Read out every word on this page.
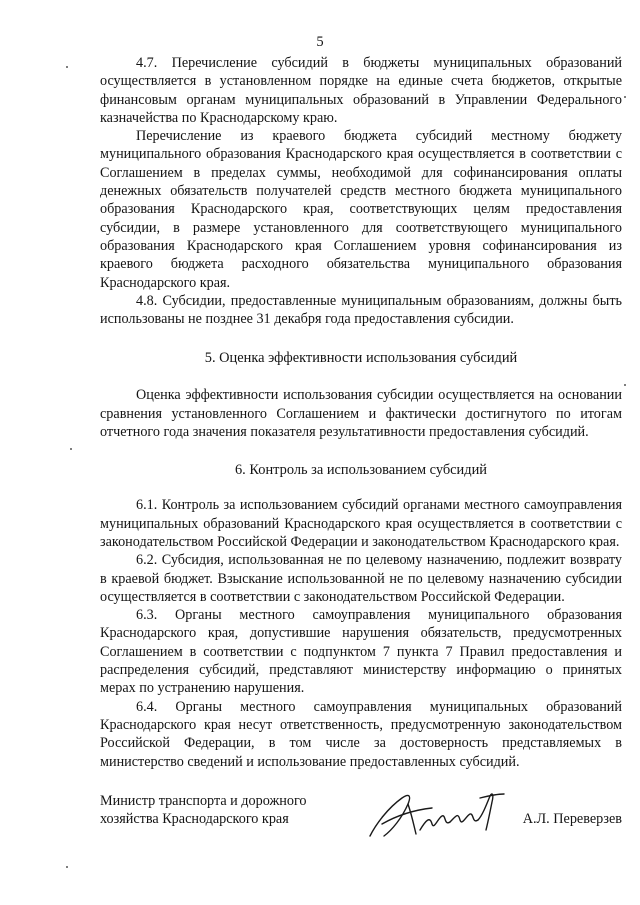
5

4.7. Перечисление субсидий в бюджеты муниципальных образований осуществляется в установленном порядке на единые счета бюджетов, открытые финансовым органам муниципальных образований в Управлении Федерального казначейства по Краснодарскому краю.

Перечисление из краевого бюджета субсидий местному бюджету муниципального образования Краснодарского края осуществляется в соответствии с Соглашением в пределах суммы, необходимой для софинансирования оплаты денежных обязательств получателей средств местного бюджета муниципального образования Краснодарского края, соответствующих целям предоставления субсидии, в размере установленного для соответствующего муниципального образования Краснодарского края Соглашением уровня софинансирования из краевого бюджета расходного обязательства муниципального образования Краснодарского края.

4.8. Субсидии, предоставленные муниципальным образованиям, должны быть использованы не позднее 31 декабря года предоставления субсидии.

5. Оценка эффективности использования субсидий

Оценка эффективности использования субсидии осуществляется на основании сравнения установленного Соглашением и фактически достигнутого по итогам отчетного года значения показателя результативности предоставления субсидий.

6. Контроль за использованием субсидий

6.1. Контроль за использованием субсидий органами местного самоуправления муниципальных образований Краснодарского края осуществляется в соответствии с законодательством Российской Федерации и законодательством Краснодарского края.

6.2. Субсидия, использованная не по целевому назначению, подлежит возврату в краевой бюджет. Взыскание использованной не по целевому назначению субсидии осуществляется в соответствии с законодательством Российской Федерации.

6.3. Органы местного самоуправления муниципального образования Краснодарского края, допустившие нарушения обязательств, предусмотренных Соглашением в соответствии с подпунктом 7 пункта 7 Правил предоставления и распределения субсидий, представляют министерству информацию о принятых мерах по устранению нарушения.

6.4. Органы местного самоуправления муниципальных образований Краснодарского края несут ответственность, предусмотренную законодательством Российской Федерации, в том числе за достоверность представляемых в министерство сведений и использование предоставленных субсидий.

Министр транспорта и дорожного
хозяйства Краснодарского края	А.Л. Переверзев
